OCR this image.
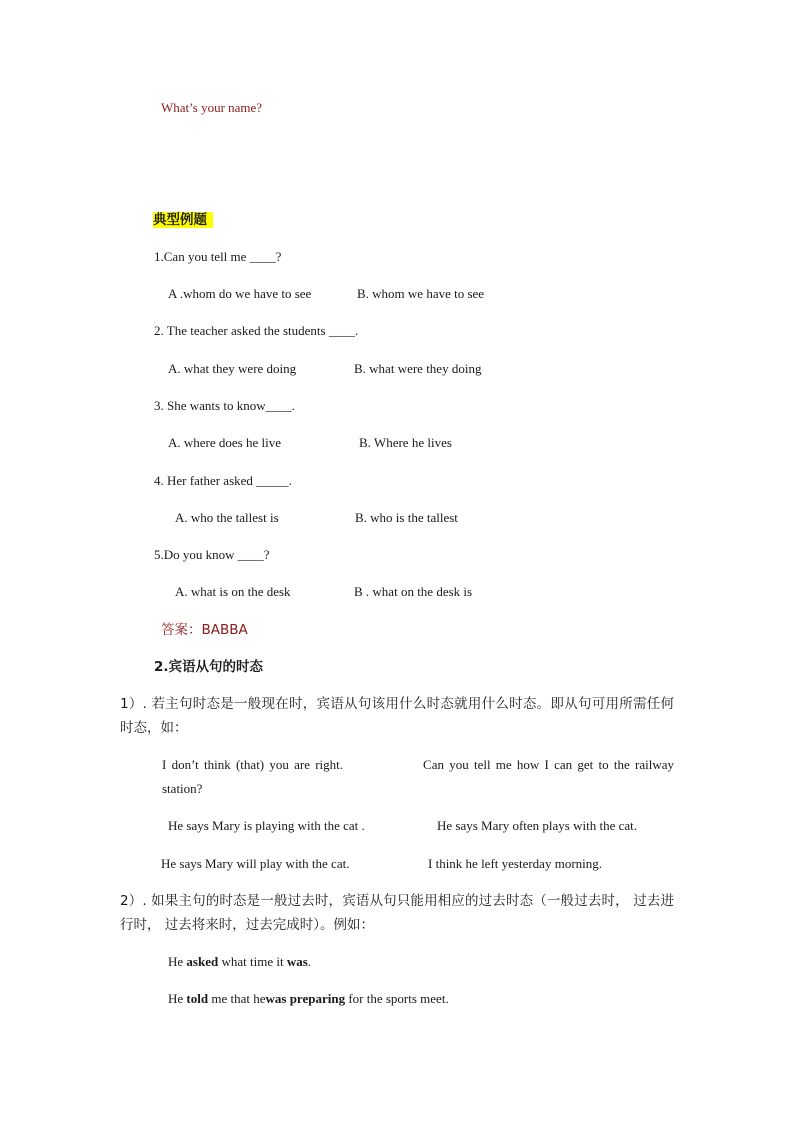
What’s your name?
典型例题
1.Can you tell me ____?
A .whom do we have to see	B. whom we have to see
2. The teacher asked the students ____.
A. what they were doing	B. what were they doing
3. She wants to know____.
A. where does he live	B. Where he lives
4. Her father asked _____.
A. who the tallest is	B. who is the tallest
5.Do you know ____?
A. what is on the desk	B . what on the desk is
答案：BABBA
2.宾语从句的时态
1）. 若主句时态是一般现在时，宾语从句该用什么时态就用什么时态。即从句可用所需任何时态，如：
I don’t think (that) you are right.	Can you tell me how I can get to the railway station?
He says Mary is playing with the cat .	He says Mary often plays with the cat.
He says Mary will play with the cat.	I think he left yesterday morning.
2）. 如果主句的时态是一般过去时，宾语从句只能用相应的过去时态（一般过去时， 过去进行时， 过去将来时，过去完成时）。例如：
He asked what time it was.
He told me that hewas preparing for the sports meet.
